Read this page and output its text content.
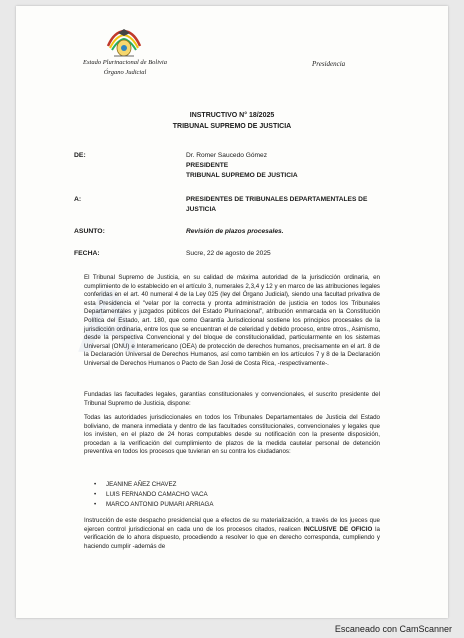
Estado Plurinacional de Bolivia
Órgano Judicial
Presidencia
INSTRUCTIVO N° 18/2025
TRIBUNAL SUPREMO DE JUSTICIA
DE:	Dr. Romer Saucedo Gómez
PRESIDENTE
TRIBUNAL SUPREMO DE JUSTICIA
A:	PRESIDENTES DE TRIBUNALES DEPARTAMENTALES DE JUSTICIA
ASUNTO:	Revisión de plazos procesales.
FECHA:	Sucre, 22 de agosto de 2025
A
El Tribunal Supremo de Justicia, en su calidad de máxima autoridad de la jurisdicción ordinaria, en cumplimiento de lo establecido en el artículo 3, numerales 2,3,4 y 12 y en marco de las atribuciones legales conferidas en el art. 40 numeral 4 de la Ley 025 (ley del Órgano Judicial), siendo una facultad privativa de esta Presidencia el "velar por la correcta y pronta administración de justicia en todos los Tribunales Departamentales y juzgados públicos del Estado Plurinacional", atribución enmarcada en la Constitución Política del Estado, art. 180, que como Garantía Jurisdiccional sostiene los principios procesales de la jurisdicción ordinaria, entre los que se encuentran el de celeridad y debido proceso, entre otros., Asimismo, desde la perspectiva Convencional y del bloque de constitucionalidad, particularmente en los sistemas Universal (ONU) e Interamericano (OEA) de protección de derechos humanos, precisamente en el art. 8 de la Declaración Universal de Derechos Humanos, así como también en los artículos 7 y 8 de la Declaración Universal de Derechos Humanos o Pacto de San José de Costa Rica, -respectivamente-.
Fundadas las facultades legales, garantías constitucionales y convencionales, el suscrito presidente del Tribunal Supremo de Justicia, dispone:
Todas las autoridades jurisdiccionales en todos los Tribunales Departamentales de Justicia del Estado boliviano, de manera inmediata y dentro de las facultades constitucionales, convencionales y legales que los invisten, en el plazo de 24 horas computables desde su notificación con la presente disposición, procedan a la verificación del cumplimiento de plazos de la medida cautelar personal de detención preventiva en todos los procesos que tuvieran en su contra los ciudadanos:
• JEANINE AÑEZ CHAVEZ
• LUIS FERNANDO CAMACHO VACA
• MARCO ANTONIO PUMARI ARRIAGA
Instrucción de este despacho presidencial que a efectos de su materialización, a través de los jueces que ejercen control jurisdiccional en cada uno de los procesos citados, realicen INCLUSIVE DE OFICIO la verificación de lo ahora dispuesto, procediendo a resolver lo que en derecho corresponda, cumpliendo y haciendo cumplir -además de
Escaneado con CamScanner
